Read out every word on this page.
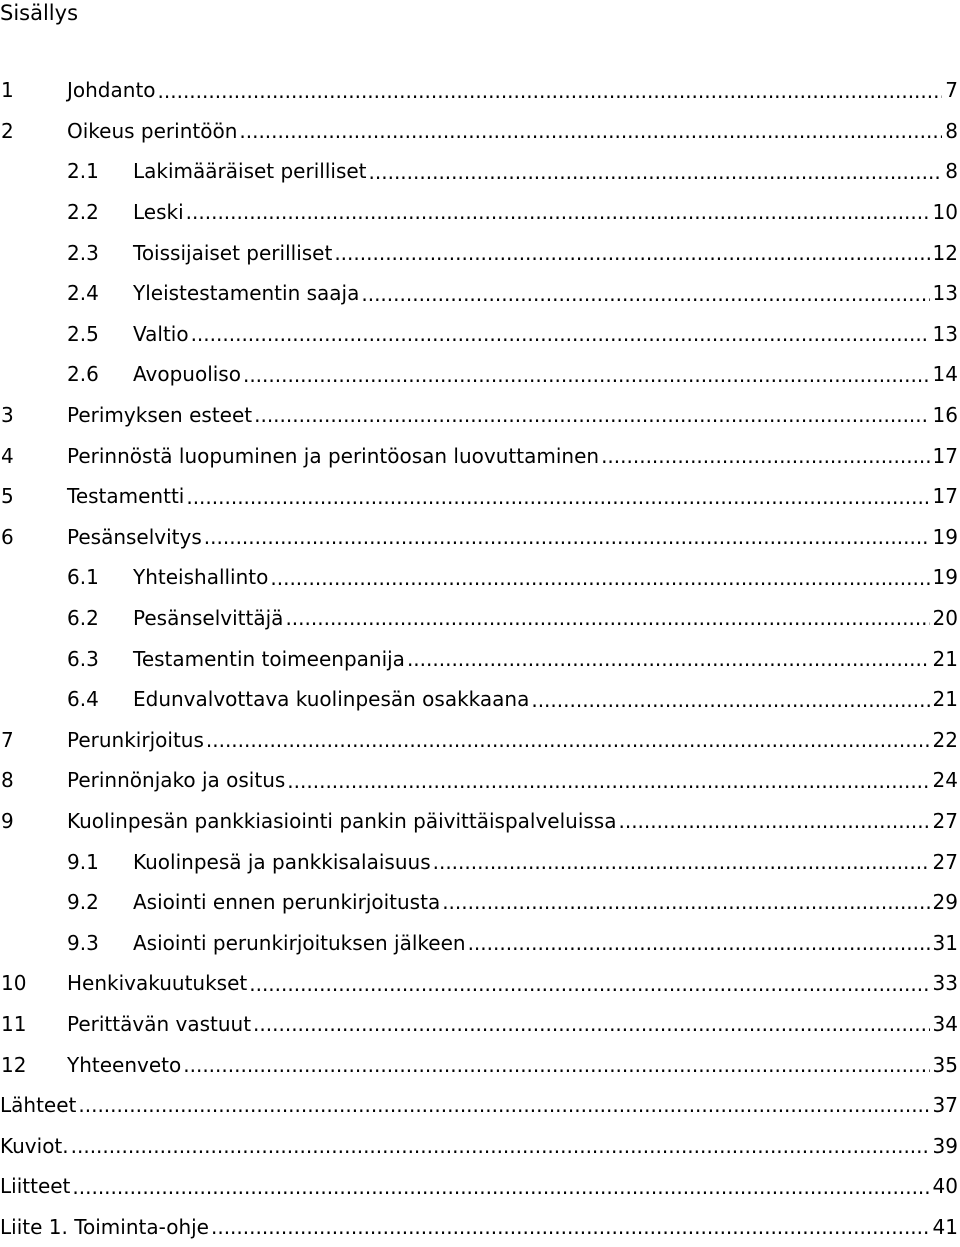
Sisällys
1	Johdanto .....	7
2	Oikeus perintöön .....	8
2.1	Lakimääräiset perilliset .....	8
2.2	Leski .....	10
2.3	Toissijaiset perilliset .....	12
2.4	Yleistestamentin saaja .....	13
2.5	Valtio .....	13
2.6	Avopuoliso .....	14
3	Perimyksen esteet .....	16
4	Perinnöstä luopuminen ja perintöosan luovuttaminen .....	17
5	Testamentti .....	17
6	Pesänselvitys .....	19
6.1	Yhteishallinto .....	19
6.2	Pesänselvittäjä .....	20
6.3	Testamentin toimeenpanija .....	21
6.4	Edunvalvottava kuolinpesän osakkaana .....	21
7	Perunkirjoitus .....	22
8	Perinnönjako ja ositus .....	24
9	Kuolinpesän pankkiasiointi pankin päivittäispalveluissa .....	27
9.1	Kuolinpesä ja pankkisalaisuus .....	27
9.2	Asiointi ennen perunkirjoitusta .....	29
9.3	Asiointi perunkirjoituksen jälkeen .....	31
10	Henkivakuutukset .....	33
11	Perittävän vastuut .....	34
12	Yhteenveto .....	35
Lähteet .....	37
Kuviot. .....	39
Liitteet .....	40
Liite 1. Toiminta-ohje .....	41
